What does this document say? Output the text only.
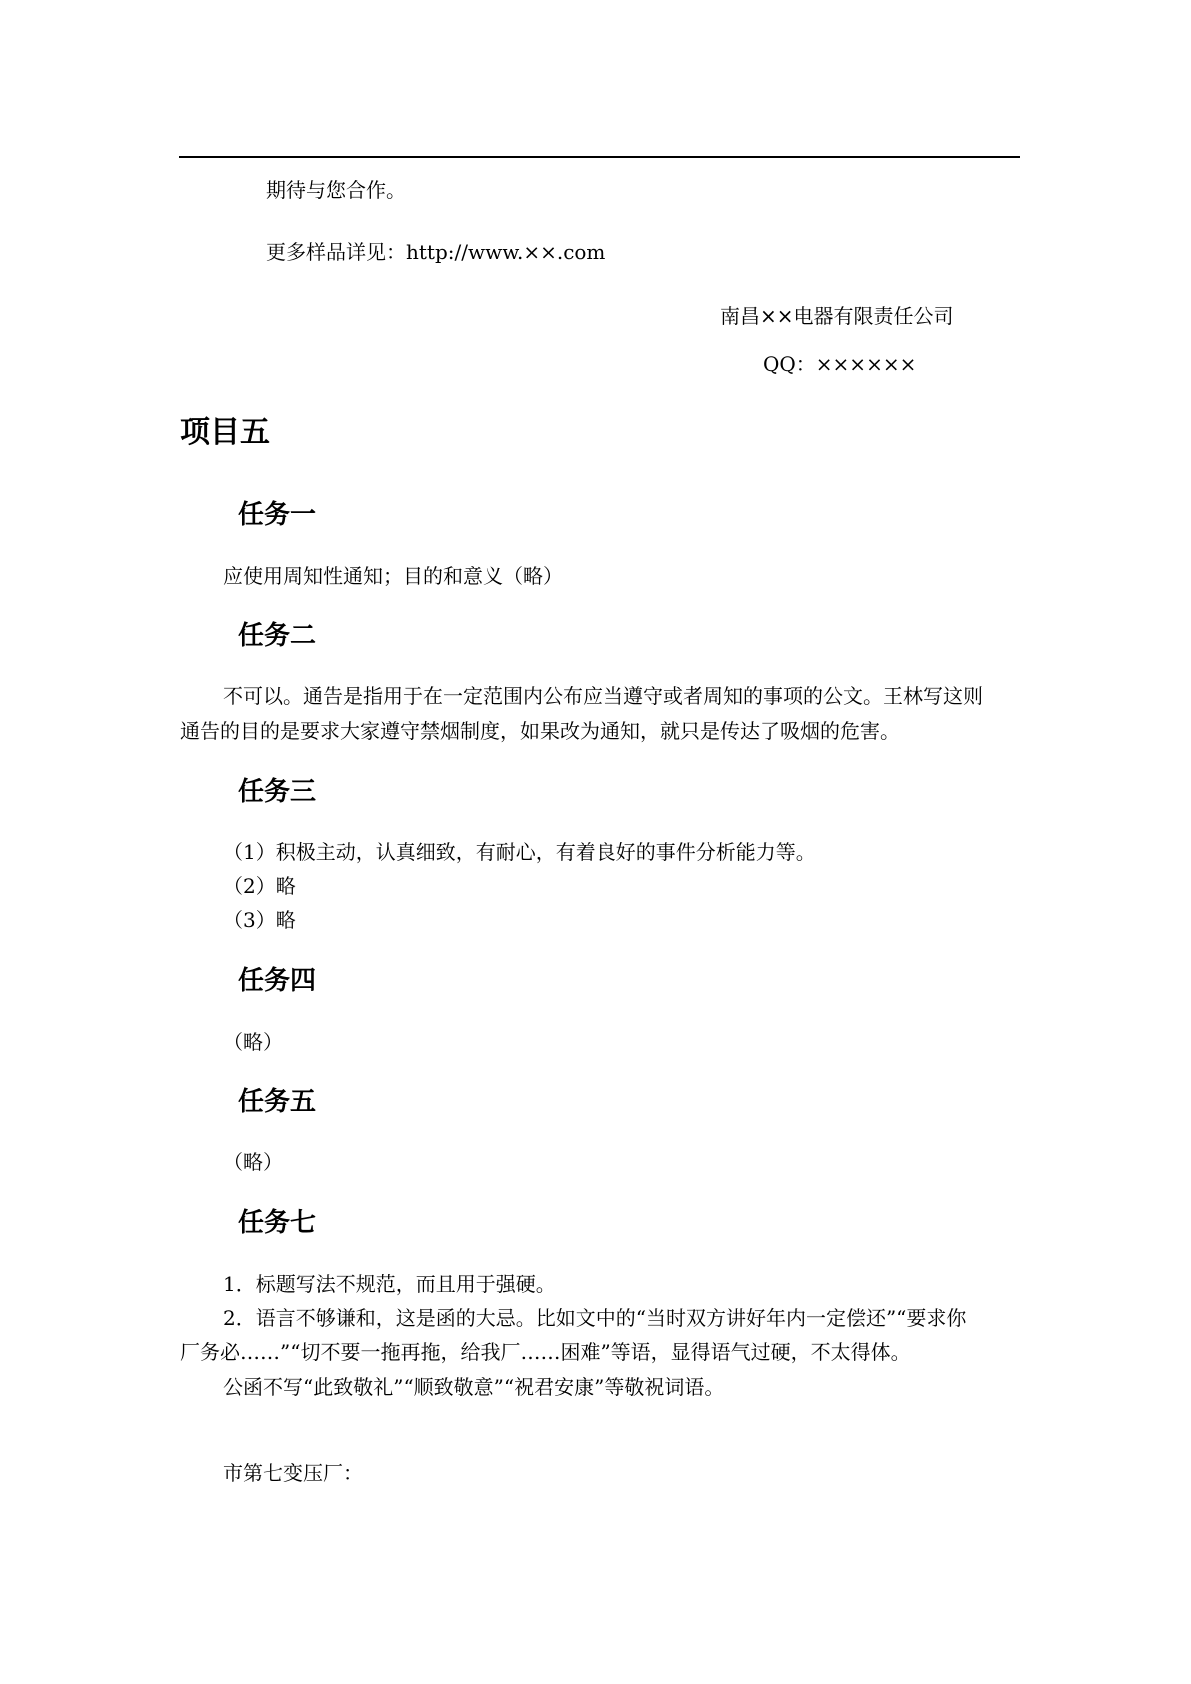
期待与您合作。
更多样品详见：http://www.××.com
南昌××电器有限责任公司
QQ：××××××
项目五
任务一
应使用周知性通知；目的和意义（略）
任务二
不可以。通告是指用于在一定范围内公布应当遵守或者周知的事项的公文。王林写这则
通告的目的是要求大家遵守禁烟制度，如果改为通知，就只是传达了吸烟的危害。
任务三
（1）积极主动，认真细致，有耐心，有着良好的事件分析能力等。
（2）略
（3）略
任务四
（略）
任务五
（略）
任务七
1．标题写法不规范，而且用于强硬。
2．语言不够谦和，这是函的大忌。比如文中的“当时双方讲好年内一定偿还”“要求你
厂务必……”“切不要一拖再拖，给我厂……困难”等语，显得语气过硬，不太得体。
公函不写“此致敬礼”“顺致敬意”“祝君安康”等敬祝词语。
市第七变压厂：
